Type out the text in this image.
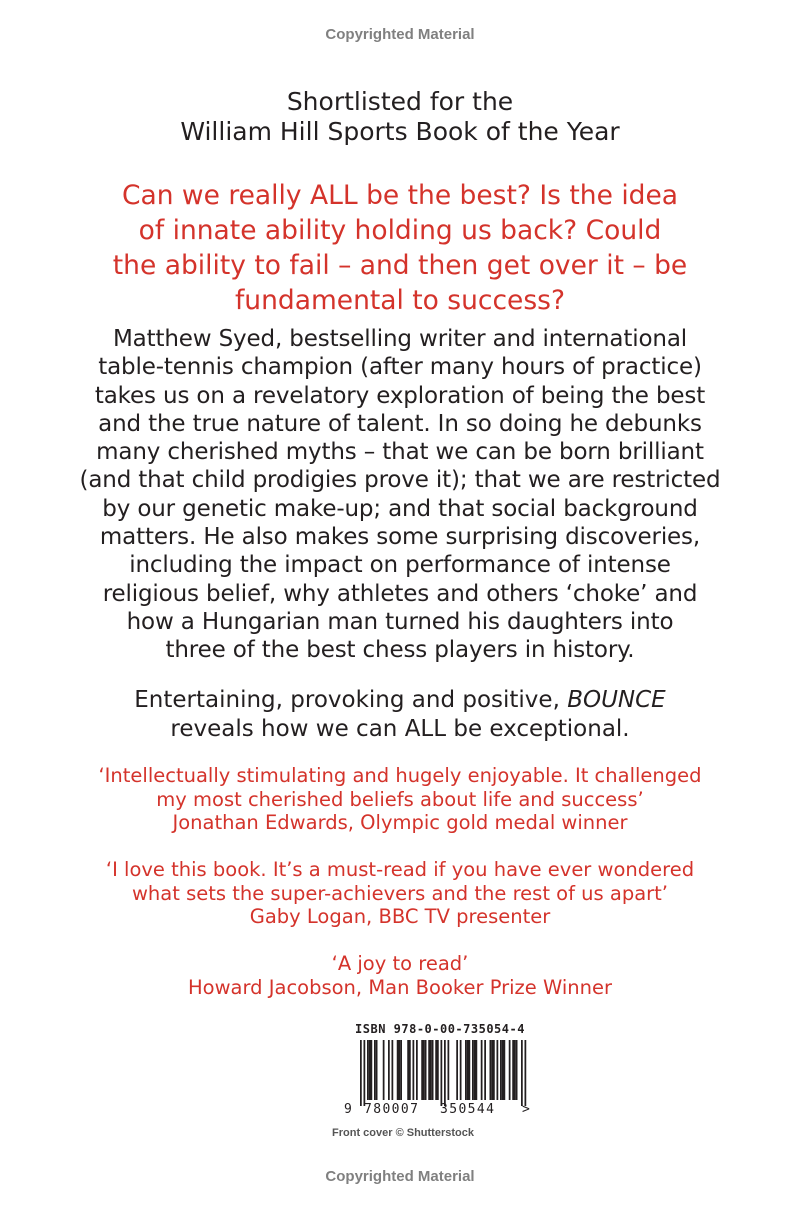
Copyrighted Material
Shortlisted for the
William Hill Sports Book of the Year
Can we really ALL be the best? Is the idea
of innate ability holding us back? Could
the ability to fail – and then get over it – be
fundamental to success?
Matthew Syed, bestselling writer and international
table-tennis champion (after many hours of practice)
takes us on a revelatory exploration of being the best
and the true nature of talent. In so doing he debunks
many cherished myths – that we can be born brilliant
(and that child prodigies prove it); that we are restricted
by our genetic make-up; and that social background
matters. He also makes some surprising discoveries,
including the impact on performance of intense
religious belief, why athletes and others ‘choke’ and
how a Hungarian man turned his daughters into
three of the best chess players in history.
Entertaining, provoking and positive, BOUNCE
reveals how we can ALL be exceptional.
‘Intellectually stimulating and hugely enjoyable. It challenged
my most cherished beliefs about life and success’
Jonathan Edwards, Olympic gold medal winner
‘I love this book. It’s a must-read if you have ever wondered
what sets the super-achievers and the rest of us apart’
Gaby Logan, BBC TV presenter
‘A joy to read’
Howard Jacobson, Man Booker Prize Winner
ISBN 978-0-00-735054-4
9 780007 350544 >
Front cover © Shutterstock
Copyrighted Material
